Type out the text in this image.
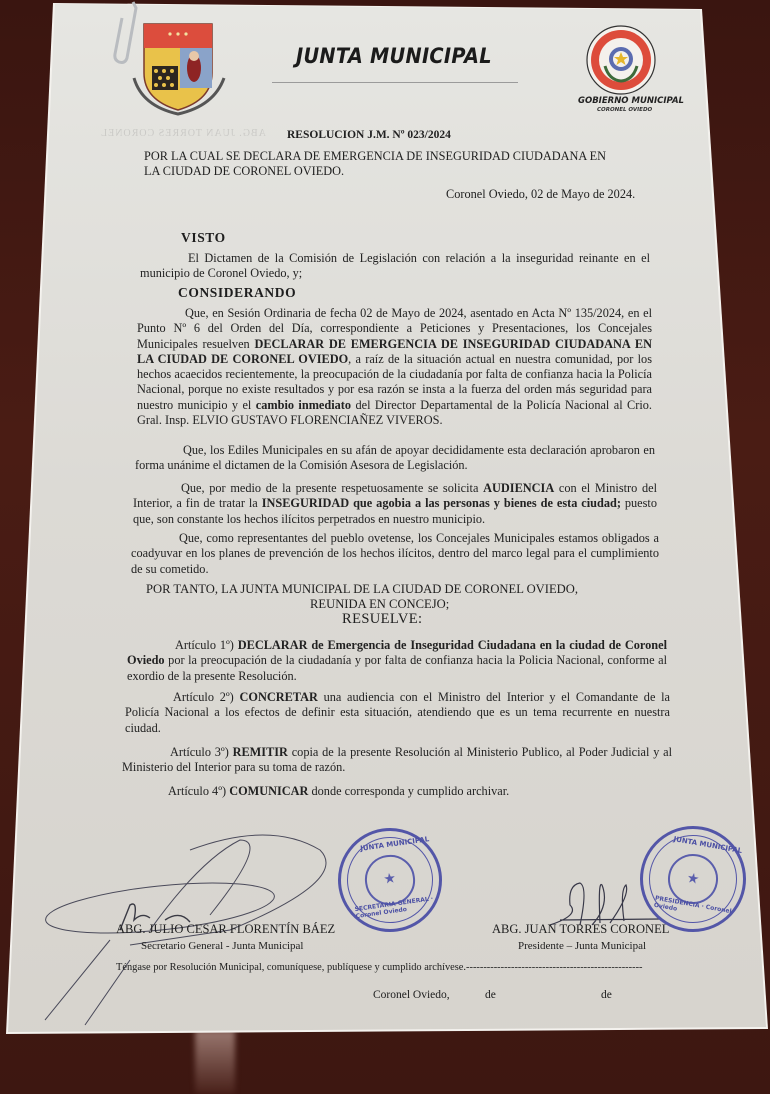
JUNTA MUNICIPAL
GOBIERNO MUNICIPAL
CORONEL OVIEDO
ABG. JUAN TORRES CORONEL RESOLUCION J.M. Nº 023/2024
POR LA CUAL SE DECLARA DE EMERGENCIA DE INSEGURIDAD CIUDADANA EN
LA CIUDAD DE CORONEL OVIEDO.
Coronel Oviedo, 02 de Mayo de 2024.
VISTO
El Dictamen de la Comisión de Legislación con relación a la inseguridad reinante en el municipio de Coronel Oviedo, y;
CONSIDERANDO
Que, en Sesión Ordinaria de fecha 02 de Mayo de 2024, asentado en Acta Nº 135/2024, en el Punto Nº 6 del Orden del Día, correspondiente a Peticiones y Presentaciones, los Concejales Municipales resuelven DECLARAR DE EMERGENCIA DE INSEGURIDAD CIUDADANA EN LA CIUDAD DE CORONEL OVIEDO, a raíz de la situación actual en nuestra comunidad, por los hechos acaecidos recientemente, la preocupación de la ciudadanía por falta de confianza hacia la Policía Nacional, porque no existe resultados y por esa razón se insta a la fuerza del orden más seguridad para nuestro municipio y el cambio inmediato del Director Departamental de la Policía Nacional al Crio. Gral. Insp. ELVIO GUSTAVO FLORENCIAÑEZ VIVEROS.
Que, los Ediles Municipales en su afán de apoyar decididamente esta declaración aprobaron en forma unánime el dictamen de la Comisión Asesora de Legislación.
Que, por medio de la presente respetuosamente se solicita AUDIENCIA con el Ministro del Interior, a fin de tratar la INSEGURIDAD que agobia a las personas y bienes de esta ciudad; puesto que, son constante los hechos ilícitos perpetrados en nuestro municipio.
Que, como representantes del pueblo ovetense, los Concejales Municipales estamos obligados a coadyuvar en los planes de prevención de los hechos ilícitos, dentro del marco legal para el cumplimiento de su cometido.
POR TANTO, LA JUNTA MUNICIPAL DE LA CIUDAD DE CORONEL OVIEDO,
REUNIDA EN CONCEJO;
RESUELVE:
Artículo 1º) DECLARAR de Emergencia de Inseguridad Ciudadana en la ciudad de Coronel Oviedo por la preocupación de la ciudadanía y por falta de confianza hacia la Policia Nacional, conforme al exordio de la presente Resolución.
Artículo 2º) CONCRETAR una audiencia con el Ministro del Interior y el Comandante de la Policía Nacional a los efectos de definir esta situación, atendiendo que es un tema recurrente en nuestra ciudad.
Artículo 3º) REMITIR copia de la presente Resolución al Ministerio Publico, al Poder Judicial y al Ministerio del Interior para su toma de razón.
Artículo 4º) COMUNICAR donde corresponda y cumplido archivar.
★
JUNTA MUNICIPAL
SECRETARIA GENERAL · Coronel Oviedo
ABG. JULIO CESAR FLORENTÍN BÁEZ
Secretario General - Junta Municipal
★
JUNTA MUNICIPAL
PRESIDENCIA · Coronel Oviedo
ABG. JUAN TORRES CORONEL
Presidente – Junta Municipal
Téngase por Resolución Municipal, comuníquese, publíquese y cumplido archívese.---------------------------------------------------
Coronel Oviedo,	de	de
